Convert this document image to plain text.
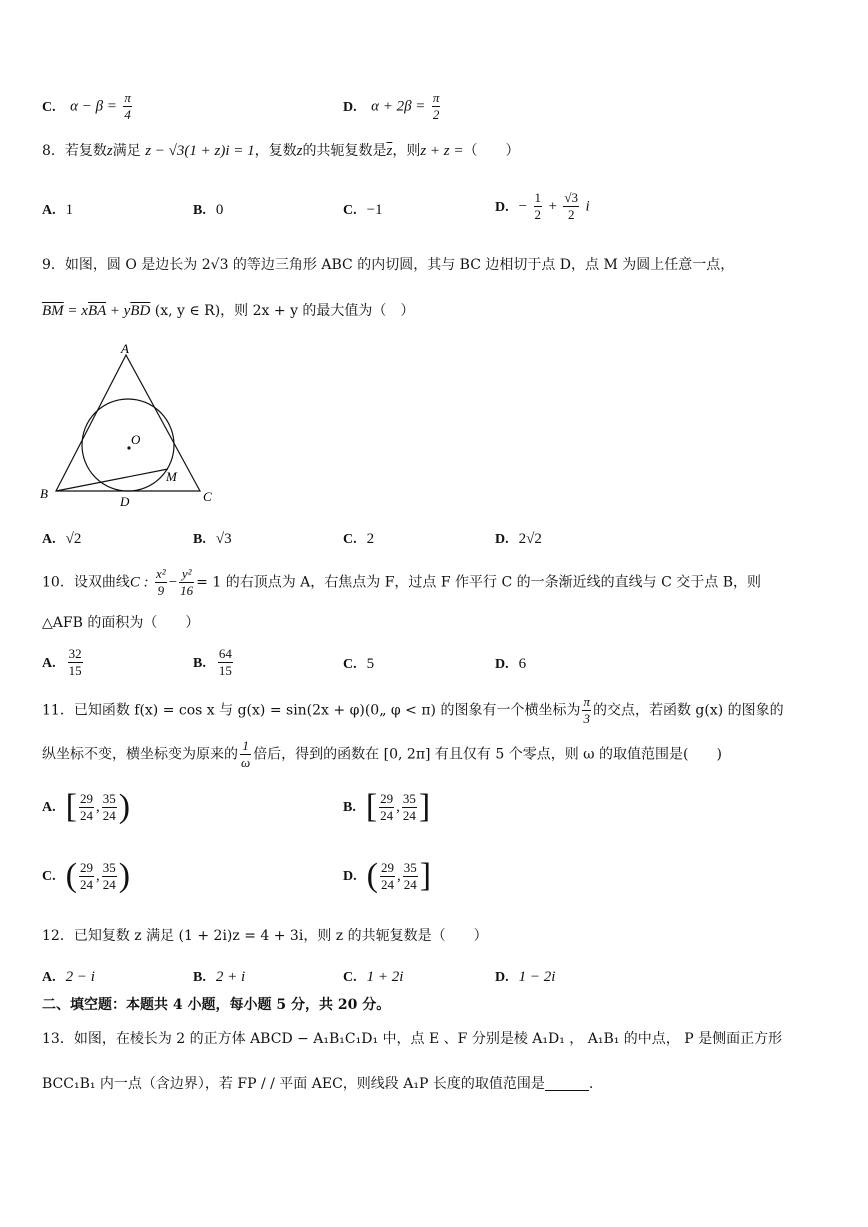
C. $\alpha - \beta = \frac{\pi}{4}$	D. $\alpha + 2\beta = \frac{\pi}{2}$
8．若复数z满足 z − √3(1 + z)i = 1，复数z的共轭复数是$\overline{z}$，则z + z =（　　）
A. 1	B. 0	C. −1	D. − $\frac{1}{2} + \frac{√3}{2}$ i
9．如图，圆 O 是边长为 2√3 的等边三角形 ABC 的内切圆，其与 BC 边相切于点 D，点 M 为圆上任意一点，
$\overline{BM} = x\overline{BA} + y\overline{BD}$ (x, y ∈ R)，则 2x + y 的最大值为（　）
A
B	C
D
O
M
A. √2	B. √3	C. 2	D. 2√2
10．设双曲线C : $\frac{\text{x²}}{9} - \frac{\text{y²}}{16} = 1$ 的右顶点为 A，右焦点为 F，过点 F 作平行 C 的一条渐近线的直线与 C 交于点 B，则
△AFB 的面积为（　　）
A. $\frac{32}{15}$	B. $\frac{64}{15}$	C. 5	D. 6
11．已知函数 f(x) = cos x 与 g(x) = sin(2x + φ)(0„ φ < π) 的图象有一个横坐标为 $\frac{\pi}{3}$ 的交点，若函数 g(x) 的图象的
纵坐标不变，横坐标变为原来的 $\frac{1}{\omega}$ 倍后，得到的函数在 [0, 2π] 有且仅有 5 个零点，则 ω 的取值范围是(　　)
A. [ $\frac{29}{24}$ , $\frac{35}{24}$ )	B. [ $\frac{29}{24}$ , $\frac{35}{24}$ ]
C. ( $\frac{29}{24}$ , $\frac{35}{24}$ )	D. ( $\frac{29}{24}$ , $\frac{35}{24}$ ]
12．已知复数 z 满足 (1 + 2i)z = 4 + 3i，则 z 的共轭复数是（　　）
A. 2 − i	B. 2 + i	C. 1 + 2i	D. 1 − 2i
二、填空题：本题共 4 小题，每小题 5 分，共 20 分。
13．如图，在棱长为 2 的正方体 ABCD − A₁B₁C₁D₁ 中，点 E 、F 分别是棱 A₁D₁ ， A₁B₁ 的中点， P 是侧面正方形
BCC₁B₁ 内一点（含边界），若 FP / / 平面 AEC，则线段 A₁P 长度的取值范围是	.
